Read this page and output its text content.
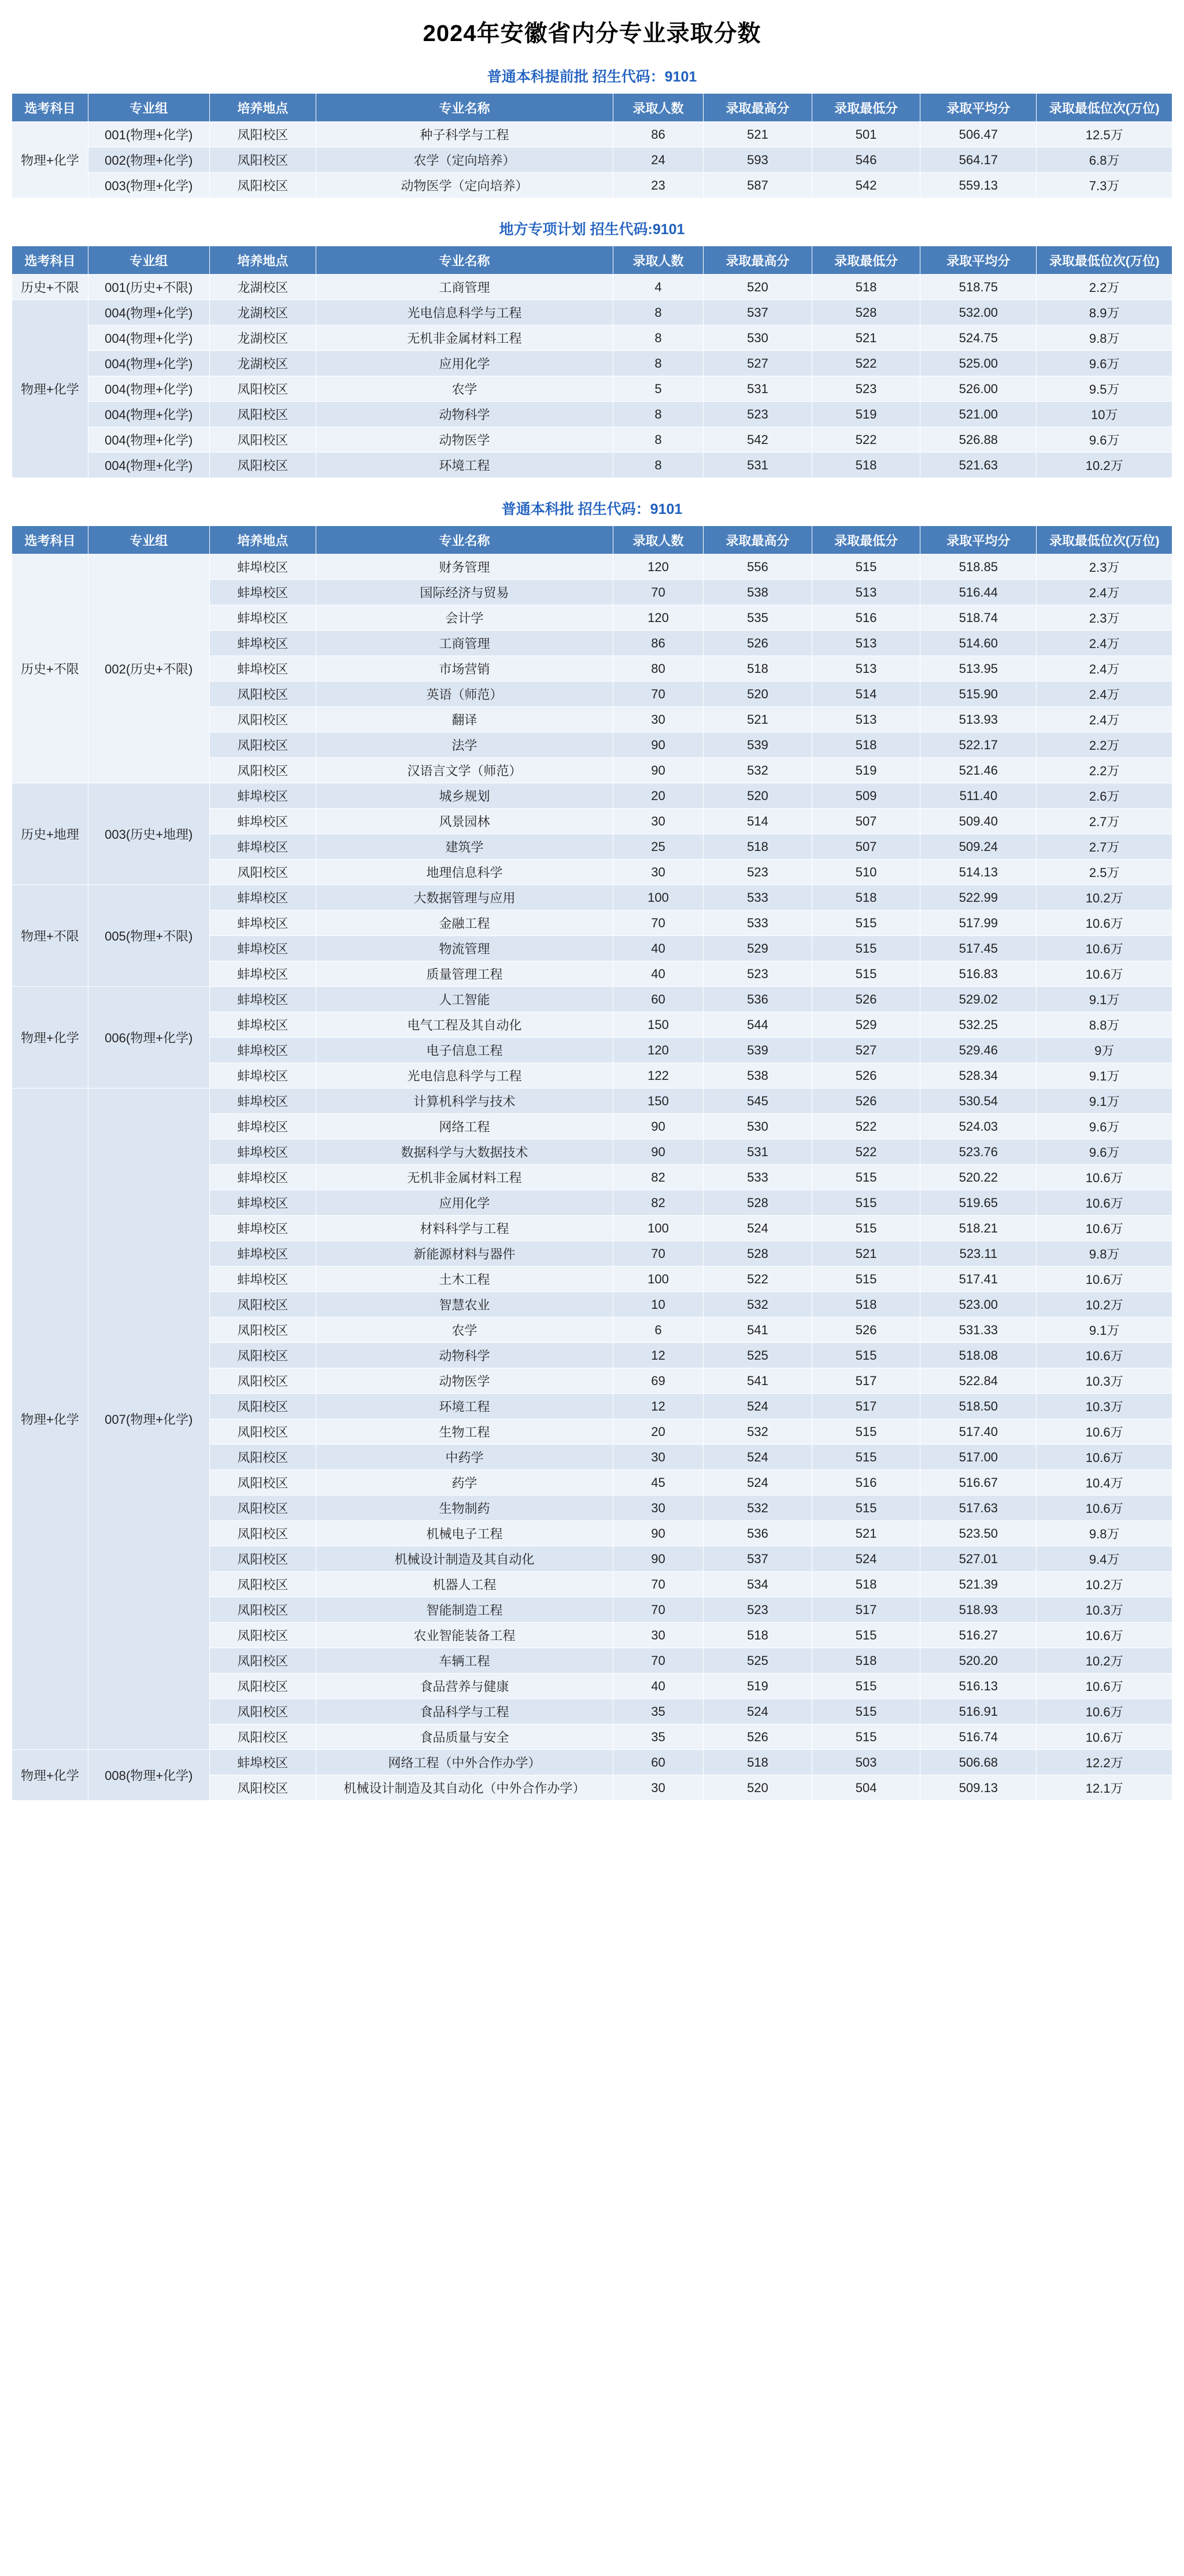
2024年安徽省内分专业录取分数
普通本科提前批 招生代码：9101
选考科目	专业组	培养地点	专业名称	录取人数	录取最高分	录取最低分	录取平均分	录取最低位次(万位)
物理+化学	001(物理+化学)	凤阳校区	种子科学与工程	86	521	501	506.47	12.5万
	002(物理+化学)	凤阳校区	农学（定向培养）	24	593	546	564.17	6.8万
	003(物理+化学)	凤阳校区	动物医学（定向培养）	23	587	542	559.13	7.3万
地方专项计划 招生代码:9101
选考科目	专业组	培养地点	专业名称	录取人数	录取最高分	录取最低分	录取平均分	录取最低位次(万位)
历史+不限	001(历史+不限)	龙湖校区	工商管理	4	520	518	518.75	2.2万
物理+化学	004(物理+化学)	龙湖校区	光电信息科学与工程	8	537	528	532.00	8.9万
	004(物理+化学)	龙湖校区	无机非金属材料工程	8	530	521	524.75	9.8万
	004(物理+化学)	龙湖校区	应用化学	8	527	522	525.00	9.6万
	004(物理+化学)	凤阳校区	农学	5	531	523	526.00	9.5万
	004(物理+化学)	凤阳校区	动物科学	8	523	519	521.00	10万
	004(物理+化学)	凤阳校区	动物医学	8	542	522	526.88	9.6万
	004(物理+化学)	凤阳校区	环境工程	8	531	518	521.63	10.2万
普通本科批 招生代码：9101
选考科目	专业组	培养地点	专业名称	录取人数	录取最高分	录取最低分	录取平均分	录取最低位次(万位)
历史+不限	002(历史+不限)	蚌埠校区	财务管理	120	556	515	518.85	2.3万
		蚌埠校区	国际经济与贸易	70	538	513	516.44	2.4万
		蚌埠校区	会计学	120	535	516	518.74	2.3万
		蚌埠校区	工商管理	86	526	513	514.60	2.4万
		蚌埠校区	市场营销	80	518	513	513.95	2.4万
		凤阳校区	英语（师范）	70	520	514	515.90	2.4万
		凤阳校区	翻译	30	521	513	513.93	2.4万
		凤阳校区	法学	90	539	518	522.17	2.2万
		凤阳校区	汉语言文学（师范）	90	532	519	521.46	2.2万
历史+地理	003(历史+地理)	蚌埠校区	城乡规划	20	520	509	511.40	2.6万
		蚌埠校区	风景园林	30	514	507	509.40	2.7万
		蚌埠校区	建筑学	25	518	507	509.24	2.7万
		凤阳校区	地理信息科学	30	523	510	514.13	2.5万
物理+不限	005(物理+不限)	蚌埠校区	大数据管理与应用	100	533	518	522.99	10.2万
		蚌埠校区	金融工程	70	533	515	517.99	10.6万
		蚌埠校区	物流管理	40	529	515	517.45	10.6万
		蚌埠校区	质量管理工程	40	523	515	516.83	10.6万
物理+化学	006(物理+化学)	蚌埠校区	人工智能	60	536	526	529.02	9.1万
		蚌埠校区	电气工程及其自动化	150	544	529	532.25	8.8万
		蚌埠校区	电子信息工程	120	539	527	529.46	9万
		蚌埠校区	光电信息科学与工程	122	538	526	528.34	9.1万
物理+化学	007(物理+化学)	蚌埠校区	计算机科学与技术	150	545	526	530.54	9.1万
		蚌埠校区	网络工程	90	530	522	524.03	9.6万
		蚌埠校区	数据科学与大数据技术	90	531	522	523.76	9.6万
		蚌埠校区	无机非金属材料工程	82	533	515	520.22	10.6万
		蚌埠校区	应用化学	82	528	515	519.65	10.6万
		蚌埠校区	材料科学与工程	100	524	515	518.21	10.6万
		蚌埠校区	新能源材料与器件	70	528	521	523.11	9.8万
		蚌埠校区	土木工程	100	522	515	517.41	10.6万
		凤阳校区	智慧农业	10	532	518	523.00	10.2万
		凤阳校区	农学	6	541	526	531.33	9.1万
		凤阳校区	动物科学	12	525	515	518.08	10.6万
		凤阳校区	动物医学	69	541	517	522.84	10.3万
		凤阳校区	环境工程	12	524	517	518.50	10.3万
		凤阳校区	生物工程	20	532	515	517.40	10.6万
		凤阳校区	中药学	30	524	515	517.00	10.6万
		凤阳校区	药学	45	524	516	516.67	10.4万
		凤阳校区	生物制药	30	532	515	517.63	10.6万
		凤阳校区	机械电子工程	90	536	521	523.50	9.8万
		凤阳校区	机械设计制造及其自动化	90	537	524	527.01	9.4万
		凤阳校区	机器人工程	70	534	518	521.39	10.2万
		凤阳校区	智能制造工程	70	523	517	518.93	10.3万
		凤阳校区	农业智能装备工程	30	518	515	516.27	10.6万
		凤阳校区	车辆工程	70	525	518	520.20	10.2万
		凤阳校区	食品营养与健康	40	519	515	516.13	10.6万
		凤阳校区	食品科学与工程	35	524	515	516.91	10.6万
		凤阳校区	食品质量与安全	35	526	515	516.74	10.6万
物理+化学	008(物理+化学)	蚌埠校区	网络工程（中外合作办学）	60	518	503	506.68	12.2万
		凤阳校区	机械设计制造及其自动化（中外合作办学）	30	520	504	509.13	12.1万
